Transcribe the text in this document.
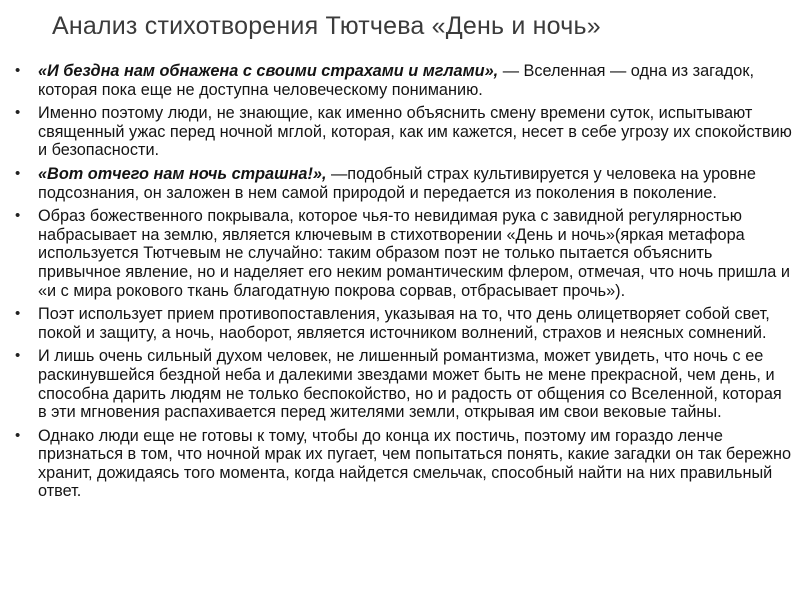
Анализ стихотворения Тютчева «День и ночь»
• «И бездна нам обнажена с своими страхами и мглами», — Вселенная — одна из загадок, которая пока еще не доступна человеческому пониманию.
• Именно поэтому люди, не знающие, как именно объяснить смену времени суток, испытывают священный ужас перед ночной мглой, которая, как им кажется, несет в себе угрозу их спокойствию и безопасности.
• «Вот отчего нам ночь страшна!», —подобный страх культивируется у человека на уровне подсознания, он заложен в нем самой природой и передается из поколения в поколение.
• Образ божественного покрывала, которое чья-то невидимая рука с завидной регулярностью набрасывает на землю, является ключевым в стихотворении «День и ночь»(яркая метафора используется Тютчевым не случайно: таким образом поэт не только пытается объяснить привычное явление, но и наделяет его неким романтическим флером, отмечая, что ночь пришла и «и с мира рокового ткань благодатную покрова сорвав, отбрасывает прочь»).
• Поэт использует прием противопоставления, указывая на то, что день олицетворяет собой свет, покой и защиту, а ночь, наоборот, является источником волнений, страхов и неясных сомнений.
• И лишь очень сильный духом человек, не лишенный романтизма, может увидеть, что ночь с ее раскинувшейся бездной неба и далекими звездами может быть не мене прекрасной, чем день, и способна дарить людям не только беспокойство, но и радость от общения со Вселенной, которая в эти мгновения распахивается перед жителями земли, открывая им свои вековые тайны.
• Однако люди еще не готовы к тому, чтобы до конца их постичь, поэтому им гораздо ленче признаться в том, что ночной мрак их пугает, чем попытаться понять, какие загадки он так бережно хранит, дожидаясь того момента, когда найдется смельчак, способный найти на них правильный ответ.
